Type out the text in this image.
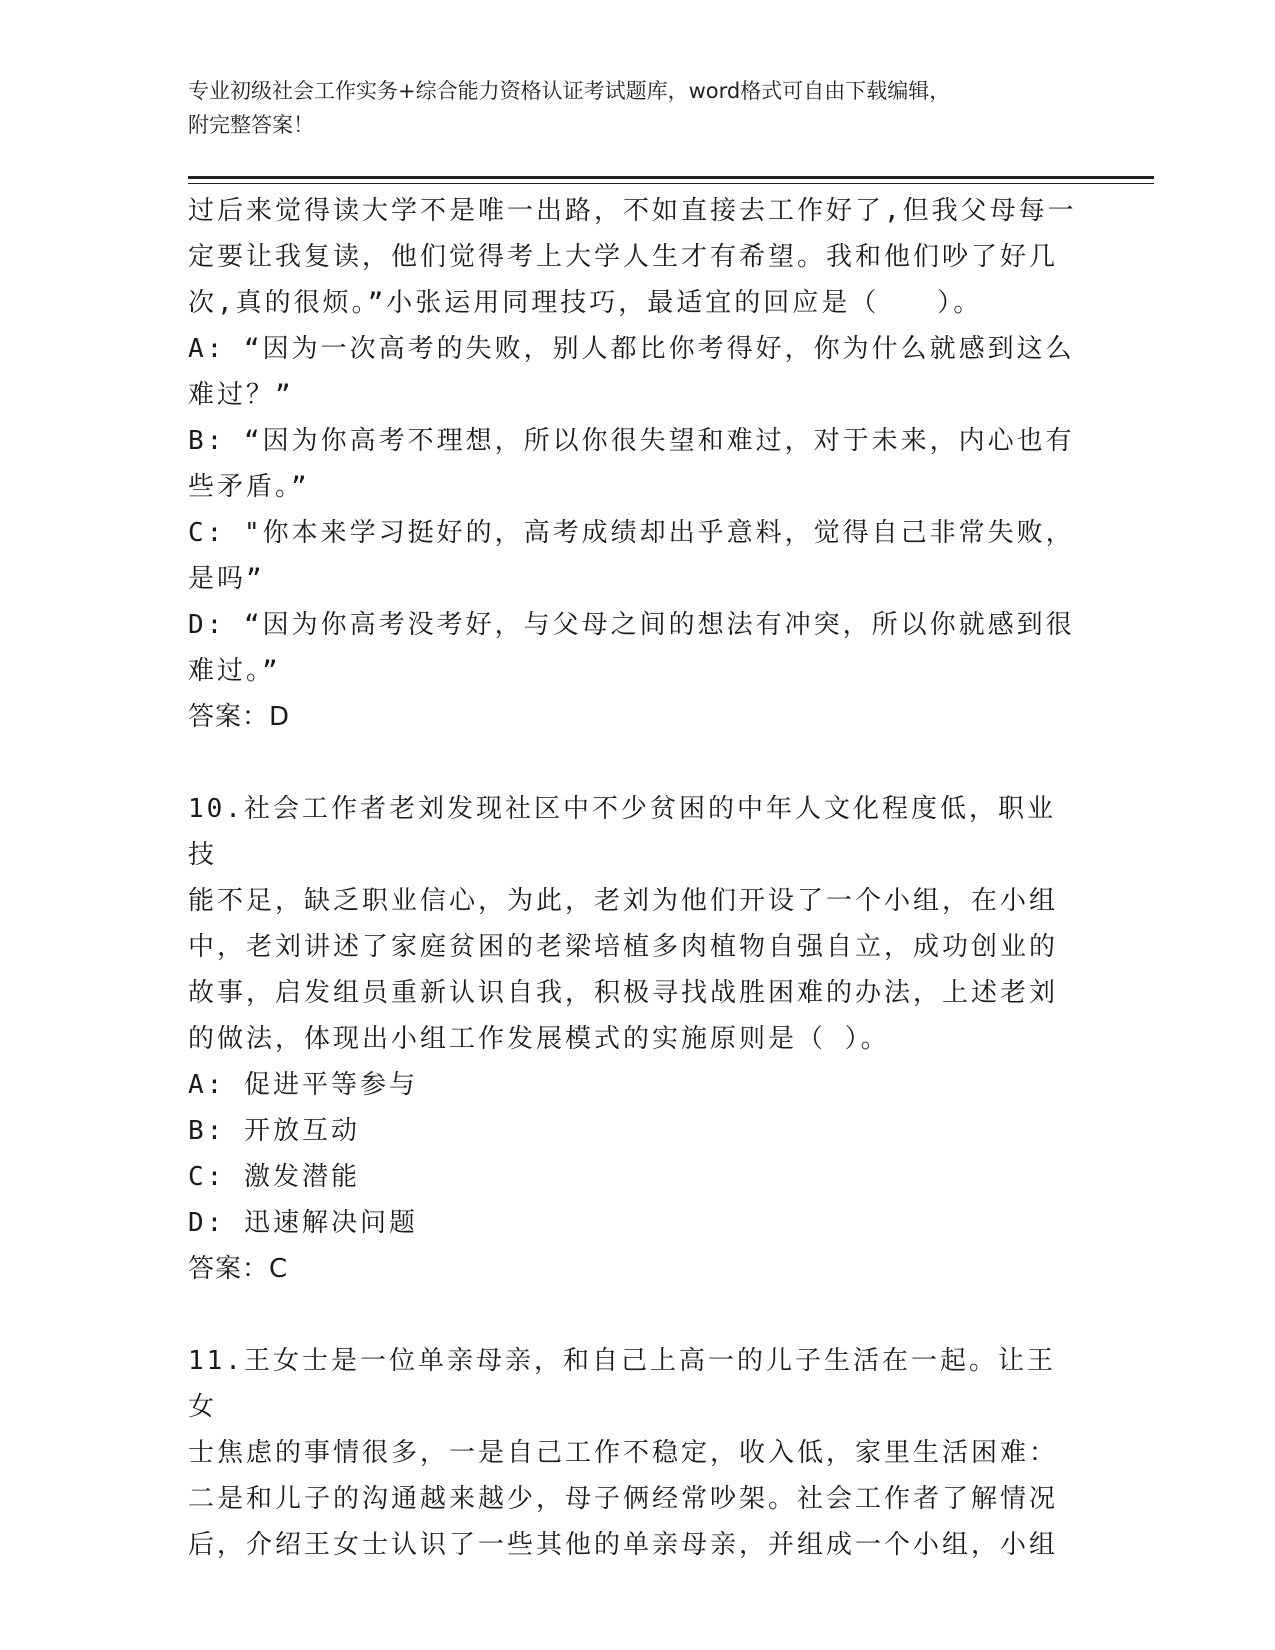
专业初级社会工作实务+综合能力资格认证考试题库，word格式可自由下载编辑，
附完整答案！

过后来觉得读大学不是唯一出路，不如直接去工作好了,但我父母每一

定要让我复读，他们觉得考上大学人生才有希望。我和他们吵了好几

次,真的很烦。”小张运用同理技巧，最适宜的回应是（　　）。

A: “因为一次高考的失败，别人都比你考得好，你为什么就感到这么

难过？”

B: “因为你高考不理想，所以你很失望和难过，对于未来，内心也有

些矛盾。”

C: "你本来学习挺好的，高考成绩却出乎意料，觉得自己非常失败，

是吗”

D: “因为你高考没考好，与父母之间的想法有冲突，所以你就感到很

难过。”

答案：D

10.社会工作者老刘发现社区中不少贫困的中年人文化程度低，职业技

能不足，缺乏职业信心，为此，老刘为他们开设了一个小组，在小组

中，老刘讲述了家庭贫困的老梁培植多肉植物自强自立，成功创业的

故事，启发组员重新认识自我，积极寻找战胜困难的办法，上述老刘

的做法，体现出小组工作发展模式的实施原则是（ ）。

A: 促进平等参与

B: 开放互动

C: 激发潜能

D: 迅速解决问题

答案：C

11.王女士是一位单亲母亲，和自己上高一的儿子生活在一起。让王女

士焦虑的事情很多，一是自己工作不稳定，收入低，家里生活困难：

二是和儿子的沟通越来越少，母子俩经常吵架。社会工作者了解情况

后，介绍王女士认识了一些其他的单亲母亲，并组成一个小组，小组
